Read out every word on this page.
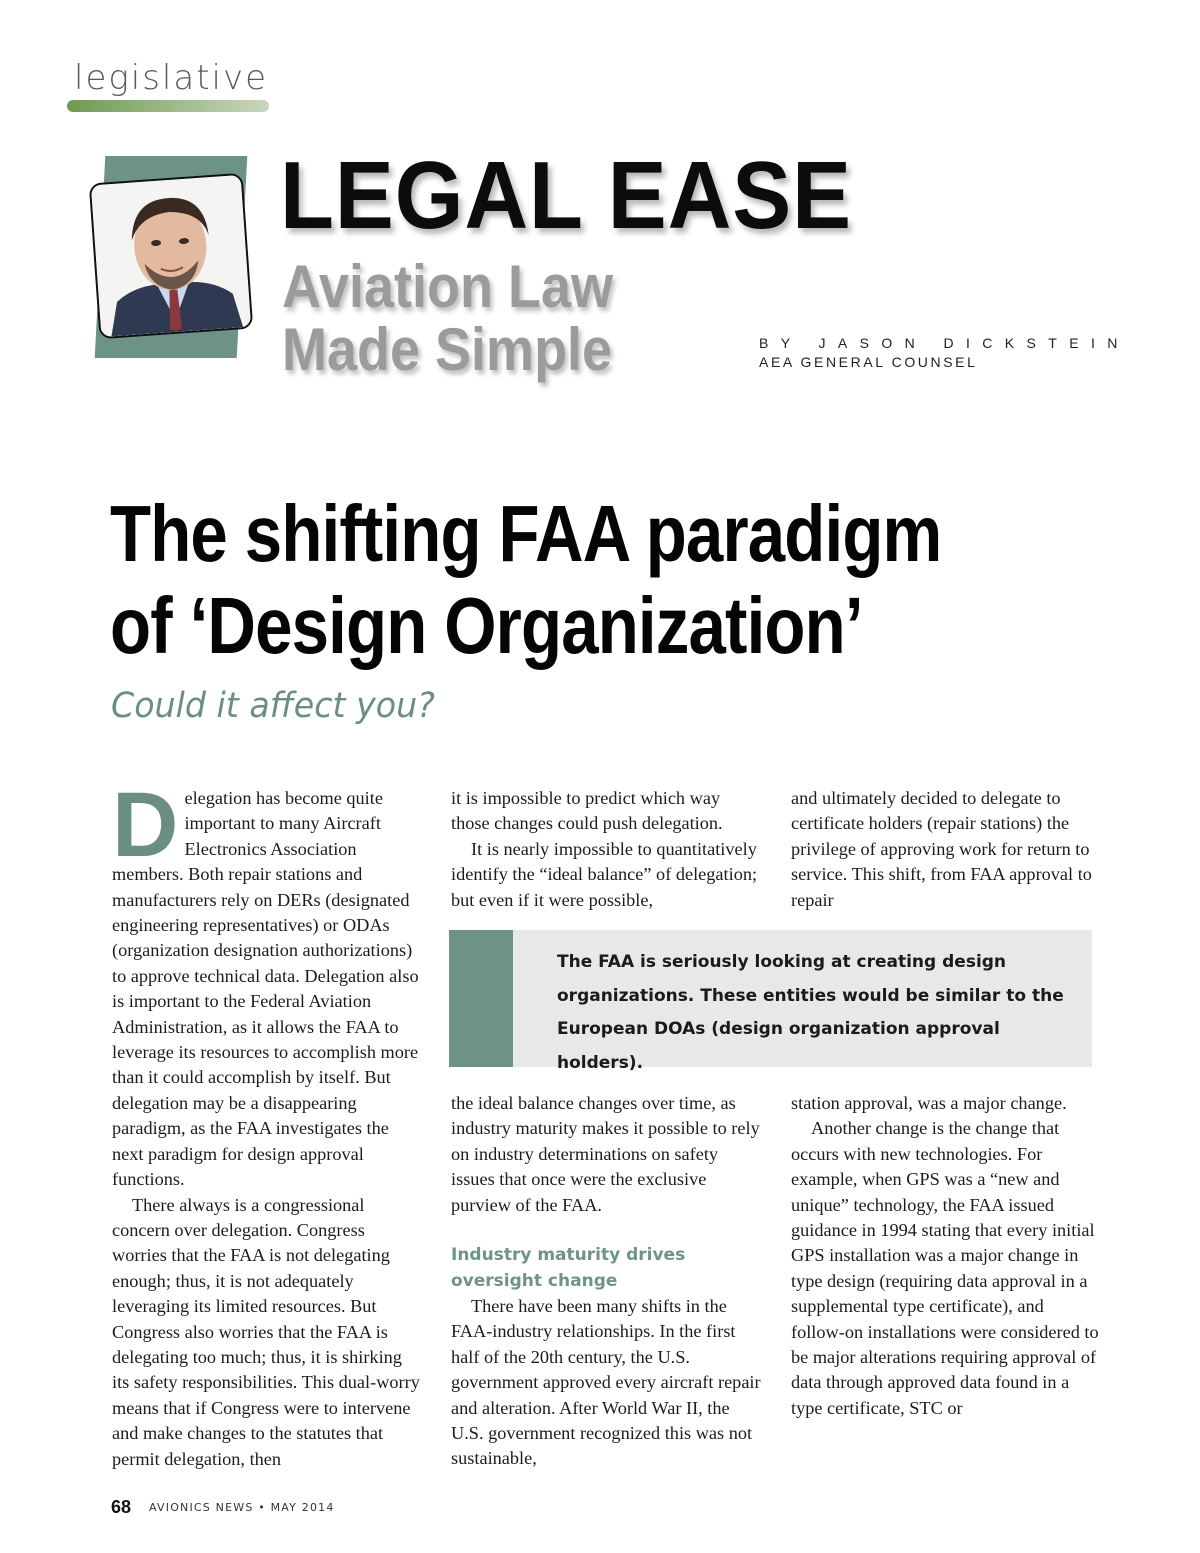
legislative
LEGAL EASE
Aviation Law
Made Simple	BY JASON DICKSTEIN
AEA GENERAL COUNSEL
The shifting FAA paradigm
of ‘Design Organization’
Could it affect you?

Delegation has become quite important to many Aircraft Electronics Association members. Both repair stations and manufacturers rely on DERs (designated engineering representatives) or ODAs (organization designation authorizations) to approve technical data. Delegation also is important to the Federal Aviation Administration, as it allows the FAA to leverage its resources to accomplish more than it could accomplish by itself. But delegation may be a disappearing paradigm, as the FAA investigates the next paradigm for design approval functions.

There always is a congressional concern over delegation. Congress worries that the FAA is not delegating enough; thus, it is not adequately leveraging its limited resources. But Congress also worries that the FAA is delegating too much; thus, it is shirking its safety responsibilities. This dual-worry means that if Congress were to intervene and make changes to the statutes that permit delegation, then

it is impossible to predict which way those changes could push delegation.

It is nearly impossible to quantitatively identify the “ideal balance” of delegation; but even if it were possible,

and ultimately decided to delegate to certificate holders (repair stations) the privilege of approving work for return to service. This shift, from FAA approval to repair

The FAA is seriously looking at creating design organizations. These entities would be similar to the European DOAs (design organization approval holders).

the ideal balance changes over time, as industry maturity makes it possible to rely on industry determinations on safety issues that once were the exclusive purview of the FAA.

Industry maturity drives oversight change

There have been many shifts in the FAA-industry relationships. In the first half of the 20th century, the U.S. government approved every aircraft repair and alteration. After World War II, the U.S. government recognized this was not sustainable,

station approval, was a major change.

Another change is the change that occurs with new technologies. For example, when GPS was a “new and unique” technology, the FAA issued guidance in 1994 stating that every initial GPS installation was a major change in type design (requiring data approval in a supplemental type certificate), and follow-on installations were considered to be major alterations requiring approval of data through approved data found in a type certificate, STC or

68 AVIONICS NEWS • MAY 2014
